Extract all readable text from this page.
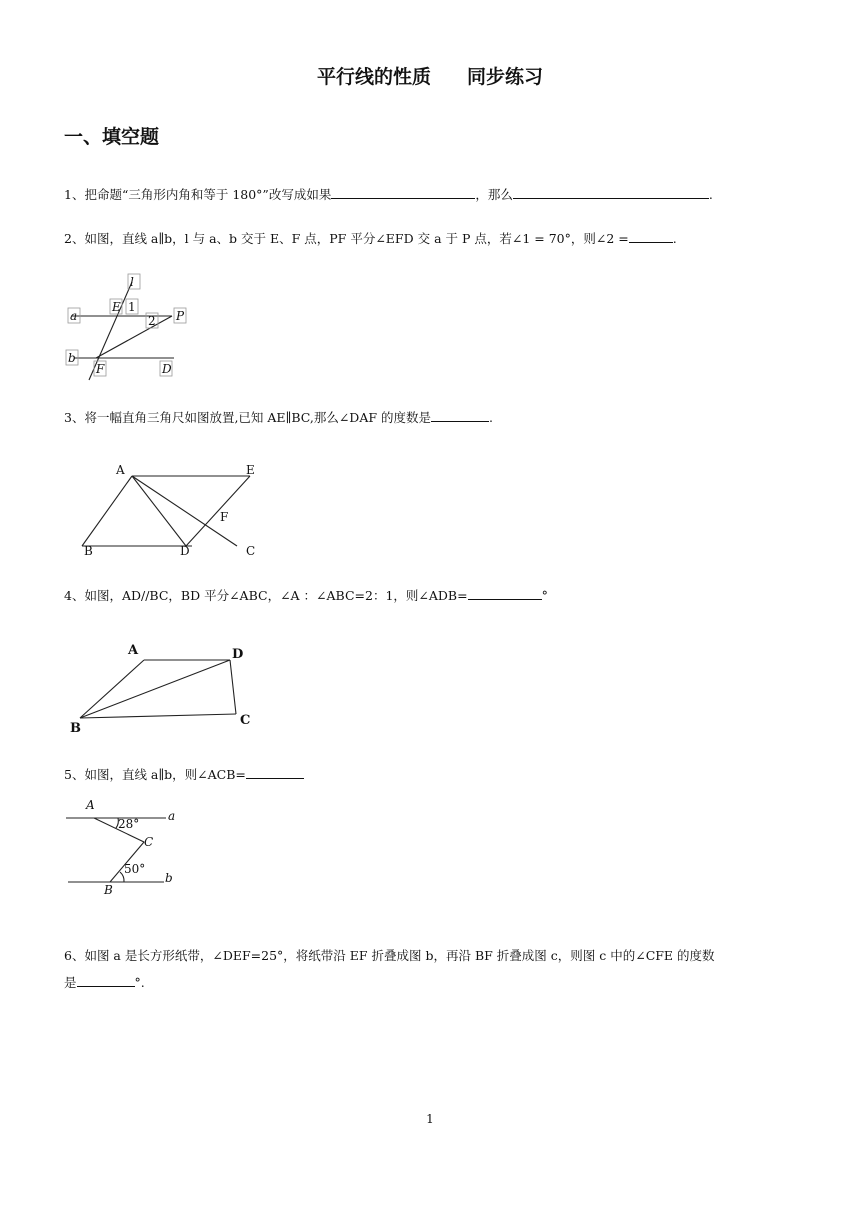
平行线的性质 同步练习
一、填空题
1、把命题“三角形内角和等于 180°”改写成如果	，那么	.
2、如图，直线 a∥b，l 与 a、b 交于 E、F 点，PF 平分∠EFD 交 a 于 P 点，若∠1 = 70°，则∠2 =	.
l
a
E 1
2 P
b
F	D
3、将一幅直角三角尺如图放置,已知 AE∥BC,那么∠DAF 的度数是	.
A	E
F
B	D	C
4、如图，AD//BC，BD 平分∠ABC，∠A ：∠ABC=2：1，则∠ADB=	°
A	D
B
C
5、如图，直线 a∥b，则∠ACB=
A
28°
a
C
50°
b
B
6、如图 a 是长方形纸带，∠DEF=25°，将纸带沿 EF 折叠成图 b，再沿 BF 折叠成图 c，则图 c 中的∠CFE 的度数
是	°.
1
